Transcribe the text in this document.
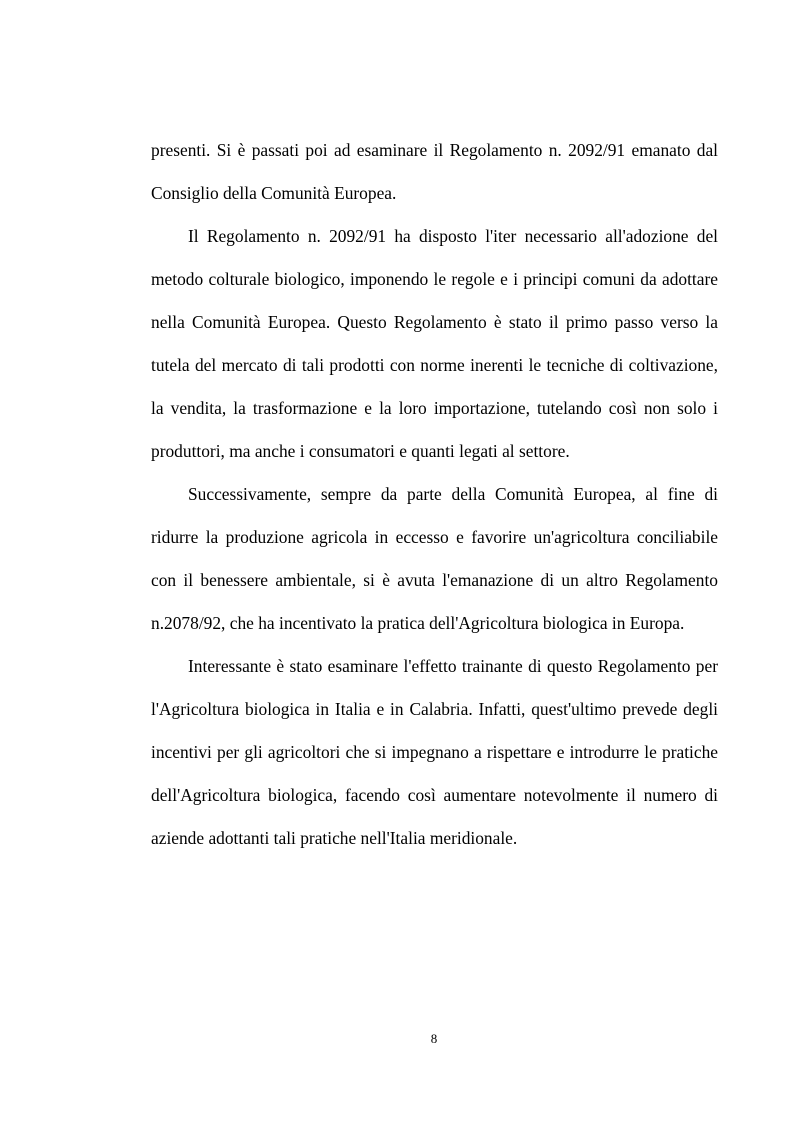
presenti. Si è passati poi ad esaminare il Regolamento n. 2092/91 emanato dal Consiglio della Comunità Europea.

Il Regolamento n. 2092/91 ha disposto l'iter necessario all'adozione del metodo colturale biologico, imponendo le regole e i principi comuni da adottare nella Comunità Europea. Questo Regolamento è stato il primo passo verso la tutela del mercato di tali prodotti con norme inerenti le tecniche di coltivazione, la vendita, la trasformazione e la loro importazione, tutelando così non solo i produttori, ma anche i consumatori e quanti legati al settore.

Successivamente, sempre da parte della Comunità Europea, al fine di ridurre la produzione agricola in eccesso e favorire un'agricoltura conciliabile con il benessere ambientale, si è avuta l'emanazione di un altro Regolamento n.2078/92, che ha incentivato la pratica dell'Agricoltura biologica in Europa.

Interessante è stato esaminare l'effetto trainante di questo Regolamento per l'Agricoltura biologica in Italia e in Calabria. Infatti, quest'ultimo prevede degli incentivi per gli agricoltori che si impegnano a rispettare e introdurre le pratiche dell'Agricoltura biologica, facendo così aumentare notevolmente il numero di aziende adottanti tali pratiche nell'Italia meridionale.

8
